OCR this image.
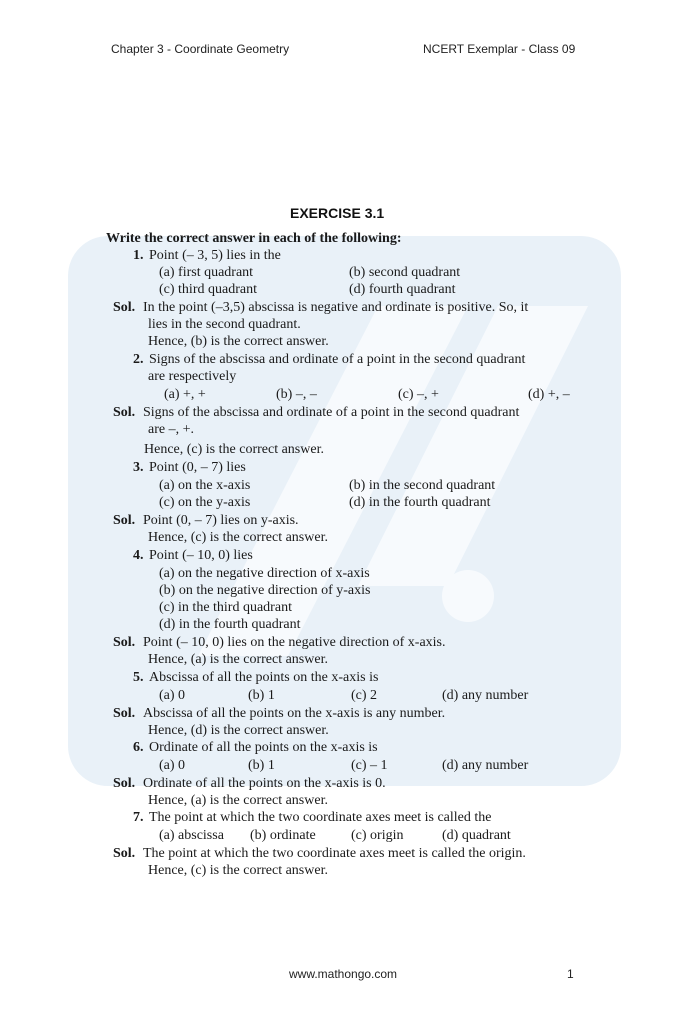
Chapter 3 - Coordinate Geometry	NCERT Exemplar - Class 09
EXERCISE 3.1
Write the correct answer in each of the following:
1. Point (– 3, 5) lies in the
(a) first quadrant	(b) second quadrant
(c) third quadrant	(d) fourth quadrant
Sol. In the point (–3,5) abscissa is negative and ordinate is positive. So, it
lies in the second quadrant.
Hence, (b) is the correct answer.
2. Signs of the abscissa and ordinate of a point in the second quadrant
are respectively
(a) +, +	(b) –, –	(c) –, +	(d) +, –
Sol. Signs of the abscissa and ordinate of a point in the second quadrant
are –, +.
Hence, (c) is the correct answer.
3. Point (0, – 7) lies
(a) on the x-axis	(b) in the second quadrant
(c) on the y-axis	(d) in the fourth quadrant
Sol. Point (0, – 7) lies on y-axis.
Hence, (c) is the correct answer.
4. Point (– 10, 0) lies
(a) on the negative direction of x-axis
(b) on the negative direction of y-axis
(c) in the third quadrant
(d) in the fourth quadrant
Sol. Point (– 10, 0) lies on the negative direction of x-axis.
Hence, (a) is the correct answer.
5. Abscissa of all the points on the x-axis is
(a) 0	(b) 1	(c) 2	(d) any number
Sol. Abscissa of all the points on the x-axis is any number.
Hence, (d) is the correct answer.
6. Ordinate of all the points on the x-axis is
(a) 0	(b) 1	(c) – 1	(d) any number
Sol. Ordinate of all the points on the x-axis is 0.
Hence, (a) is the correct answer.
7. The point at which the two coordinate axes meet is called the
(a) abscissa (b) ordinate	(c) origin	(d) quadrant
Sol. The point at which the two coordinate axes meet is called the origin.
Hence, (c) is the correct answer.
www.mathongo.com	1
